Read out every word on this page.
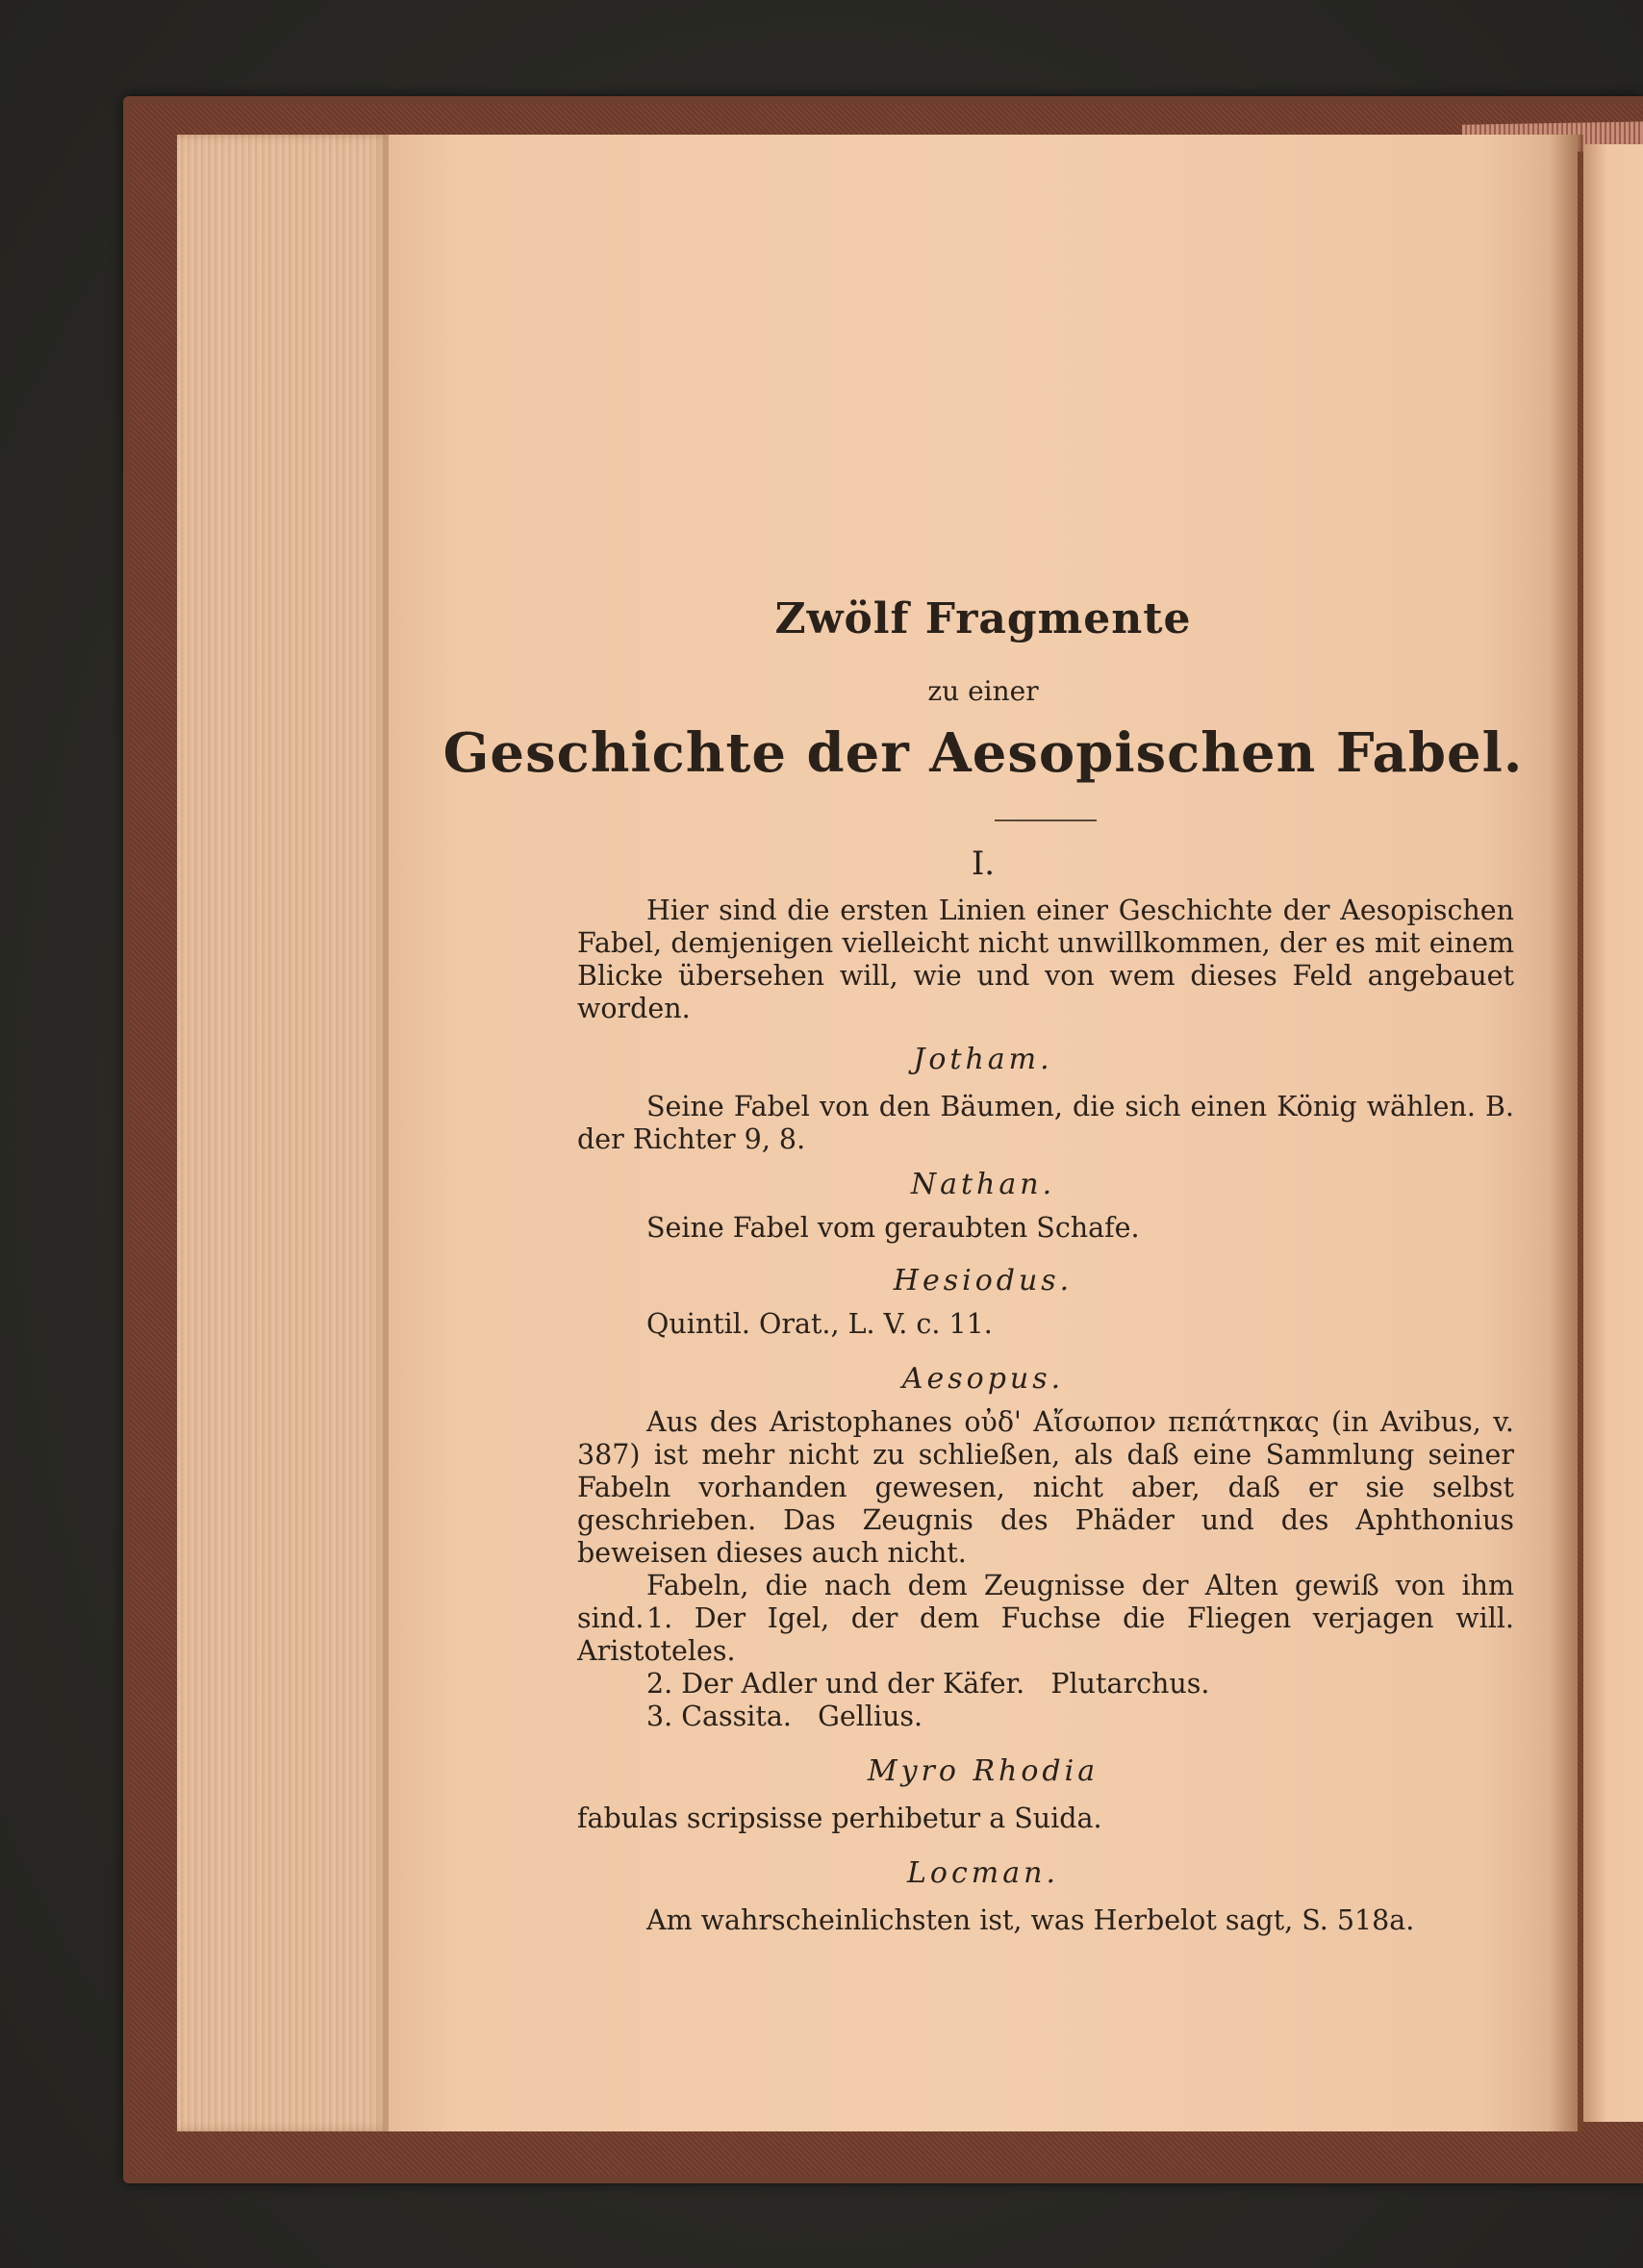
Zwölf Fragmente
zu einer
Geschichte der Aesopischen Fabel.
I.
Hier sind die ersten Linien einer Geschichte der Aesopischen Fabel, demjenigen vielleicht nicht unwillkommen, der es mit einem Blicke übersehen will, wie und von wem dieses Feld angebauet worden.
Jotham.
Seine Fabel von den Bäumen, die sich einen König wählen. B. der Richter 9, 8.
Nathan.
Seine Fabel vom geraubten Schafe.
Hesiodus.
Quintil. Orat., L. V. c. 11.
Aesopus.
Aus des Aristophanes οὐδ' Αἴσωπον πεπάτηκας (in Avibus, v. 387) ist mehr nicht zu schließen, als daß eine Sammlung seiner Fabeln vorhanden gewesen, nicht aber, daß er sie selbst geschrieben. Das Zeugnis des Phäder und des Aphthonius beweisen dieses auch nicht.
Fabeln, die nach dem Zeugnisse der Alten gewiß von ihm sind. 1. Der Igel, der dem Fuchse die Fliegen verjagen will. Aristoteles.
2. Der Adler und der Käfer.   Plutarchus.
3. Cassita.   Gellius.
Myro Rhodia
fabulas scripsisse perhibetur a Suida.
Locman.
Am wahrscheinlichsten ist, was Herbelot sagt, S. 518a.
